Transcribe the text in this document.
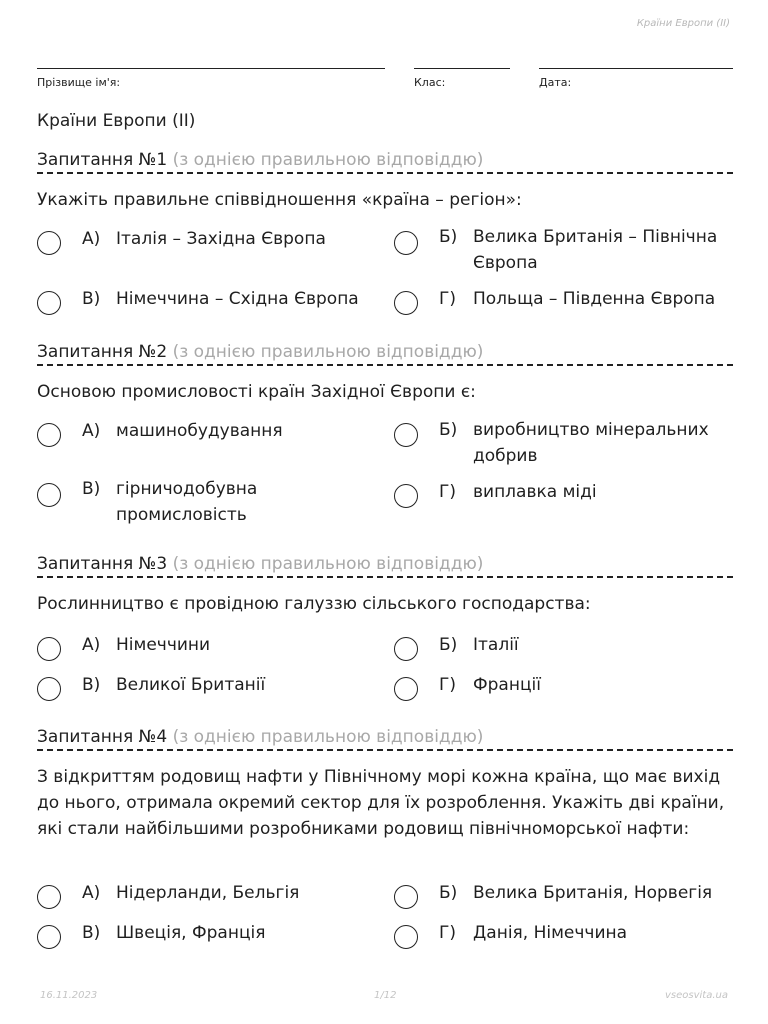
Країни Европи (II)
Прізвище ім'я:	Клас:	Дата:
Країни Европи (II)
Запитання №1 (з однією правильною відповіддю)
Укажіть правильне співвідношення «країна – регіон»:
А) Італія – Західна Європа	Б) Велика Британія – Північна Європа
В) Німеччина – Східна Європа	Г)	Польща – Південна Європа
Запитання №2 (з однією правильною відповіддю)
Основою промисловості країн Західної Європи є:
А) машинобудування	Б) виробництво мінеральних добрив
В) гірничодобувна промисловість
Г)	виплавка міді
Запитання №3 (з однією правильною відповіддю)
Рослинництво є провідною галуззю сільського господарства:
А) Німеччини	Б) Італії
В) Великої Британії	Г)	Франції
Запитання №4 (з однією правильною відповіддю)
З відкриттям родовищ нафти у Північному морі кожна країна, що має вихід до нього, отримала окремий сектор для їх розроблення. Укажіть дві країни, які стали найбільшими розробниками родовищ північноморської нафти:
А) Нідерланди, Бельгія	Б) Велика Британія, Норвегія
В) Швеція, Франція	Г)	Данія, Німеччина
16.11.2023	1/12	vseosvita.ua
